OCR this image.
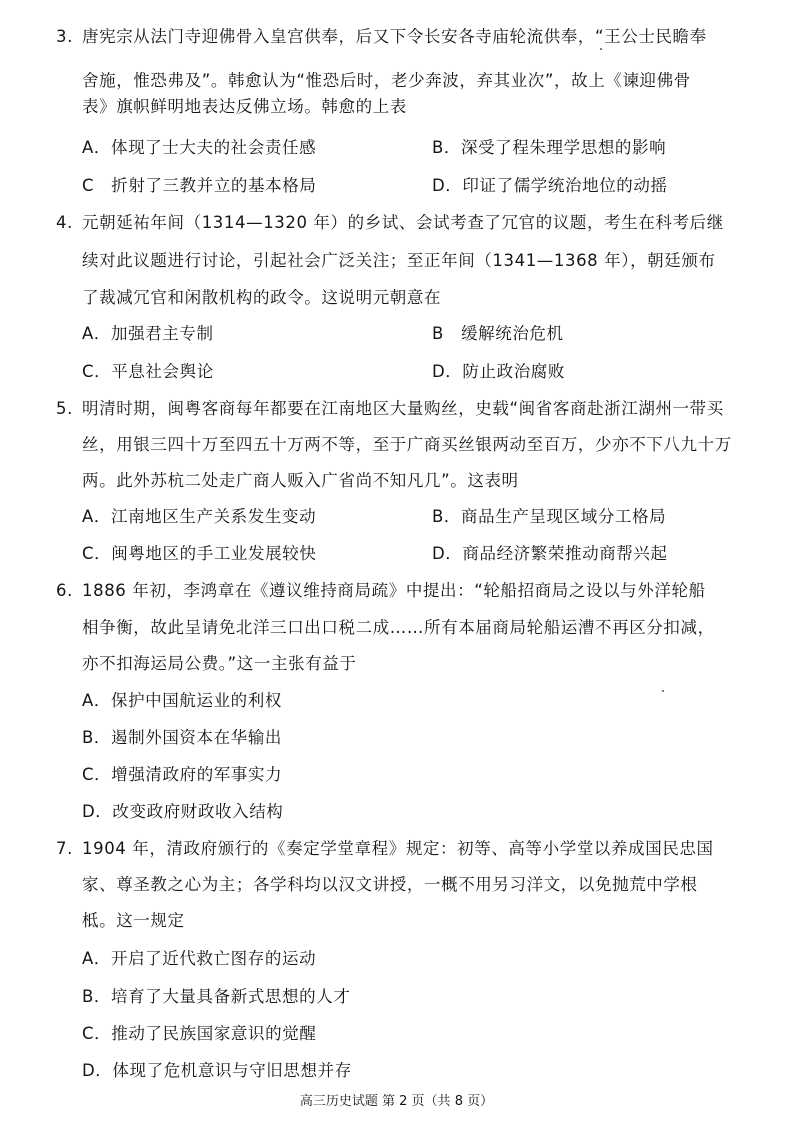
3. 唐宪宗从法门寺迎佛骨入皇宫供奉，后又下令长安各寺庙轮流供奉，“王公士民瞻奉
舍施，惟恐弗及”。韩愈认为“惟恐后时，老少奔波，弃其业次”，故上《谏迎佛骨
表》旗帜鲜明地表达反佛立场。韩愈的上表
A．体现了士大夫的社会责任感	B．深受了程朱理学思想的影响
C　折射了三教并立的基本格局	D．印证了儒学统治地位的动摇
4. 元朝延祐年间（1314—1320 年）的乡试、会试考查了冗官的议题，考生在科考后继
续对此议题进行讨论，引起社会广泛关注；至正年间（1341—1368 年），朝廷颁布
了裁减冗官和闲散机构的政令。这说明元朝意在
A．加强君主专制	B　缓解统治危机
C．平息社会舆论	D．防止政治腐败
5. 明清时期，闽粤客商每年都要在江南地区大量购丝，史载“闽省客商赴浙江湖州一带买
丝，用银三四十万至四五十万两不等，至于广商买丝银两动至百万，少亦不下八九十万
两。此外苏杭二处走广商人贩入广省尚不知凡几”。这表明
A．江南地区生产关系发生变动	B．商品生产呈现区域分工格局
C．闽粤地区的手工业发展较快	D．商品经济繁荣推动商帮兴起
6. 1886 年初，李鸿章在《遵议维持商局疏》中提出：“轮船招商局之设以与外洋轮船
相争衡，故此呈请免北洋三口出口税二成……所有本届商局轮船运漕不再区分扣减，
亦不扣海运局公费。”这一主张有益于
A．保护中国航运业的利权
B．遏制外国资本在华输出
C．增强清政府的军事实力
D．改变政府财政收入结构
7. 1904 年，清政府颁行的《奏定学堂章程》规定：初等、高等小学堂以养成国民忠国
家、尊圣教之心为主；各学科均以汉文讲授，一概不用另习洋文，以免抛荒中学根
柢。这一规定
A．开启了近代救亡图存的运动
B．培育了大量具备新式思想的人才
C．推动了民族国家意识的觉醒
D．体现了危机意识与守旧思想并存
高三历史试题 第 2 页（共 8 页）
